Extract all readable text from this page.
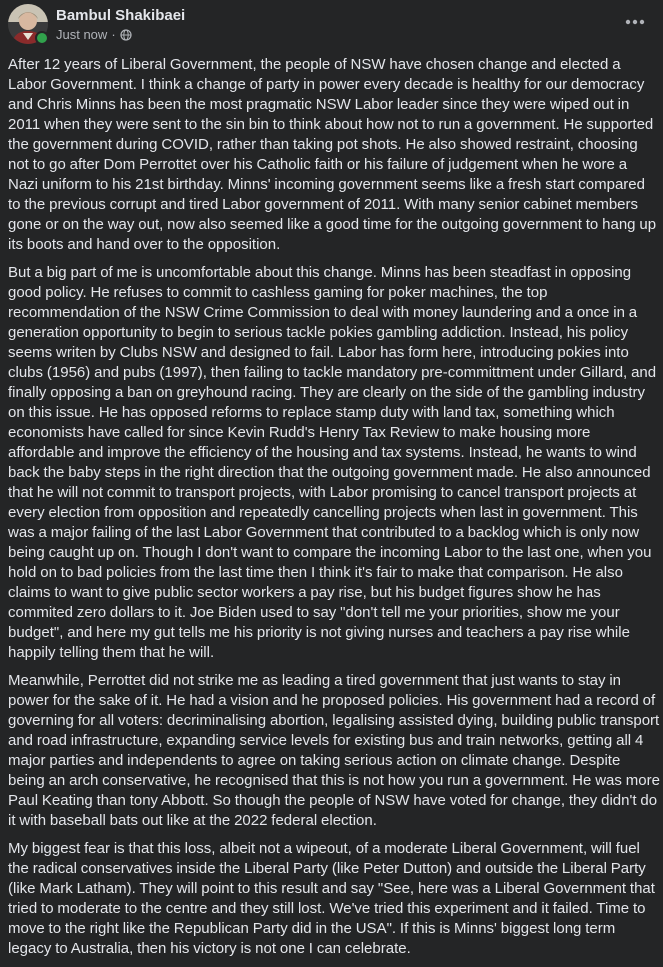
Bambul Shakibaei
Just now ·

After 12 years of Liberal Government, the people of NSW have chosen change and elected a Labor Government. I think a change of party in power every decade is healthy for our democracy and Chris Minns has been the most pragmatic NSW Labor leader since they were wiped out in 2011 when they were sent to the sin bin to think about how not to run a government. He supported the government during COVID, rather than taking pot shots. He also showed restraint, choosing not to go after Dom Perrottet over his Catholic faith or his failure of judgement when he wore a Nazi uniform to his 21st birthday. Minns' incoming government seems like a fresh start compared to the previous corrupt and tired Labor government of 2011. With many senior cabinet members gone or on the way out, now also seemed like a good time for the outgoing government to hang up its boots and hand over to the opposition.

But a big part of me is uncomfortable about this change. Minns has been steadfast in opposing good policy. He refuses to commit to cashless gaming for poker machines, the top recommendation of the NSW Crime Commission to deal with money laundering and a once in a generation opportunity to begin to serious tackle pokies gambling addiction. Instead, his policy seems writen by Clubs NSW and designed to fail. Labor has form here, introducing pokies into clubs (1956) and pubs (1997), then failing to tackle mandatory pre-committment under Gillard, and finally opposing a ban on greyhound racing. They are clearly on the side of the gambling industry on this issue. He has opposed reforms to replace stamp duty with land tax, something which economists have called for since Kevin Rudd's Henry Tax Review to make housing more affordable and improve the efficiency of the housing and tax systems. Instead, he wants to wind back the baby steps in the right direction that the outgoing government made. He also announced that he will not commit to transport projects, with Labor promising to cancel transport projects at every election from opposition and repeatedly cancelling projects when last in government. This was a major failing of the last Labor Government that contributed to a backlog which is only now being caught up on. Though I don't want to compare the incoming Labor to the last one, when you hold on to bad policies from the last time then I think it's fair to make that comparison. He also claims to want to give public sector workers a pay rise, but his budget figures show he has commited zero dollars to it. Joe Biden used to say "don't tell me your priorities, show me your budget", and here my gut tells me his priority is not giving nurses and teachers a pay rise while happily telling them that he will.

Meanwhile, Perrottet did not strike me as leading a tired government that just wants to stay in power for the sake of it. He had a vision and he proposed policies. His government had a record of governing for all voters: decriminalising abortion, legalising assisted dying, building public transport and road infrastructure, expanding service levels for existing bus and train networks, getting all 4 major parties and independents to agree on taking serious action on climate change. Despite being an arch conservative, he recognised that this is not how you run a government. He was more Paul Keating than tony Abbott. So though the people of NSW have voted for change, they didn't do it with baseball bats out like at the 2022 federal election.

My biggest fear is that this loss, albeit not a wipeout, of a moderate Liberal Government, will fuel the radical conservatives inside the Liberal Party (like Peter Dutton) and outside the Liberal Party (like Mark Latham). They will point to this result and say "See, here was a Liberal Government that tried to moderate to the centre and they still lost. We've tried this experiment and it failed. Time to move to the right like the Republican Party did in the USA". If this is Minns' biggest long term legacy to Australia, then his victory is not one I can celebrate.
